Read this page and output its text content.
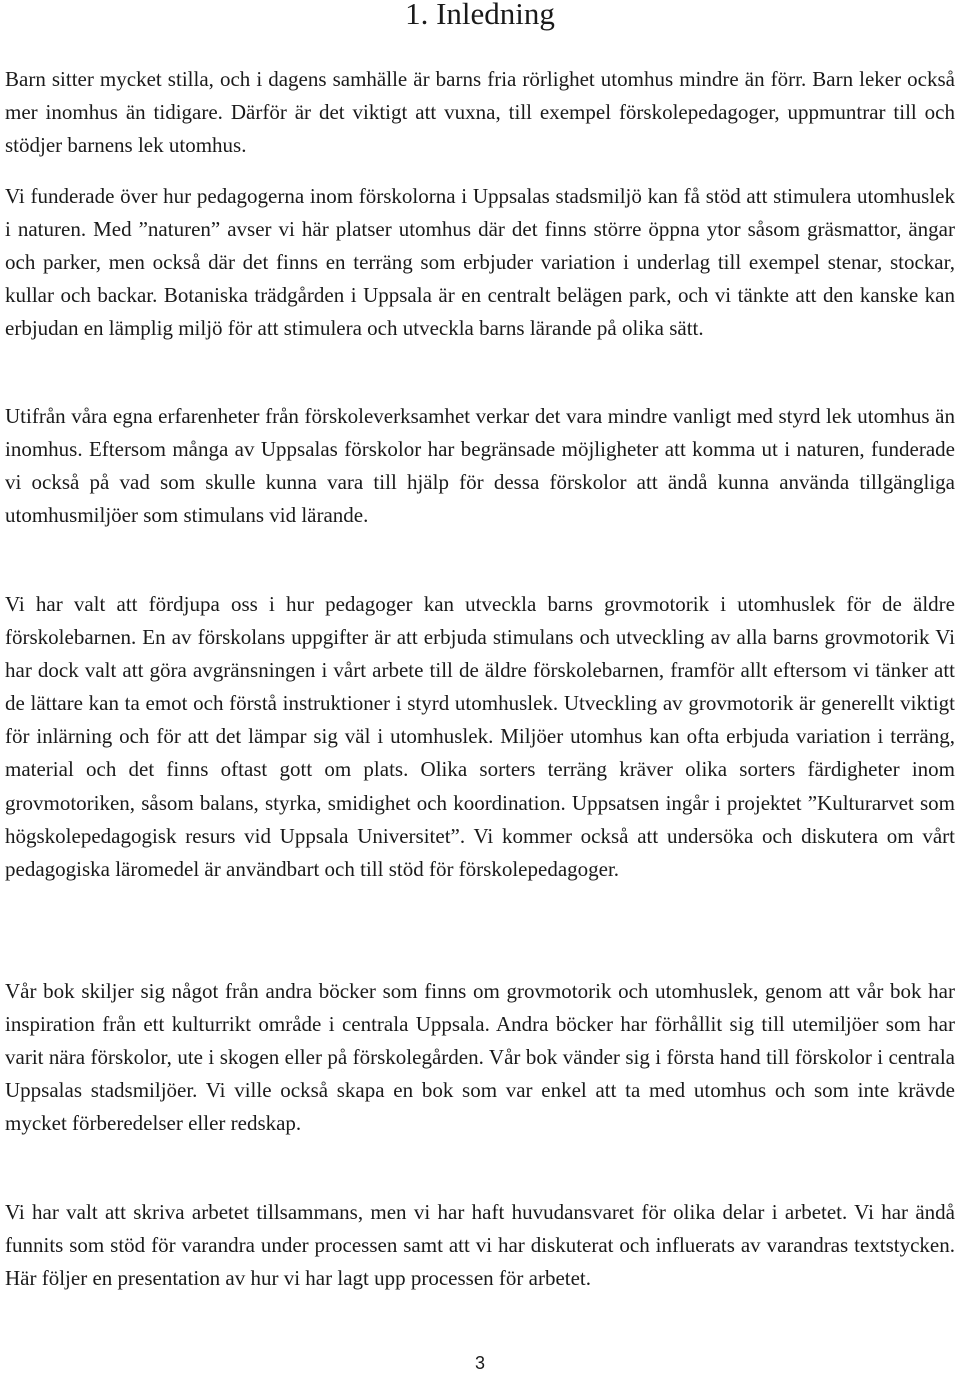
1. Inledning

Barn sitter mycket stilla, och i dagens samhälle är barns fria rörlighet utomhus mindre än förr. Barn leker också mer inomhus än tidigare. Därför är det viktigt att vuxna, till exempel förskolepedagoger, uppmuntrar till och stödjer barnens lek utomhus.

Vi funderade över hur pedagogerna inom förskolorna i Uppsalas stadsmiljö kan få stöd att stimulera utomhuslek i naturen. Med ”naturen” avser vi här platser utomhus där det finns större öppna ytor såsom gräsmattor, ängar och parker, men också där det finns en terräng som erbjuder variation i underlag till exempel stenar, stockar, kullar och backar. Botaniska trädgården i Uppsala är en centralt belägen park, och vi tänkte att den kanske kan erbjudan en lämplig miljö för att stimulera och utveckla barns lärande på olika sätt.

Utifrån våra egna erfarenheter från förskoleverksamhet verkar det vara mindre vanligt med styrd lek utomhus än inomhus. Eftersom många av Uppsalas förskolor har begränsade möjligheter att komma ut i naturen, funderade vi också på vad som skulle kunna vara till hjälp för dessa förskolor att ändå kunna använda tillgängliga utomhusmiljöer som stimulans vid lärande.

Vi har valt att fördjupa oss i hur pedagoger kan utveckla barns grovmotorik i utomhuslek för de äldre förskolebarnen. En av förskolans uppgifter är att erbjuda stimulans och utveckling av alla barns grovmotorik Vi har dock valt att göra avgränsningen i vårt arbete till de äldre förskolebarnen, framför allt eftersom vi tänker att de lättare kan ta emot och förstå instruktioner i styrd utomhuslek. Utveckling av grovmotorik är generellt viktigt för inlärning och för att det lämpar sig väl i utomhuslek. Miljöer utomhus kan ofta erbjuda variation i terräng, material och det finns oftast gott om plats. Olika sorters terräng kräver olika sorters färdigheter inom grovmotoriken, såsom balans, styrka, smidighet och koordination. Uppsatsen ingår i projektet ”Kulturarvet som högskolepedagogisk resurs vid Uppsala Universitet”. Vi kommer också att undersöka och diskutera om vårt pedagogiska läromedel är användbart och till stöd för förskolepedagoger.

Vår bok skiljer sig något från andra böcker som finns om grovmotorik och utomhuslek, genom att vår bok har inspiration från ett kulturrikt område i centrala Uppsala. Andra böcker har förhållit sig till utemiljöer som har varit nära förskolor, ute i skogen eller på förskolegården. Vår bok vänder sig i första hand till förskolor i centrala Uppsalas stadsmiljöer. Vi ville också skapa en bok som var enkel att ta med utomhus och som inte krävde mycket förberedelser eller redskap.

Vi har valt att skriva arbetet tillsammans, men vi har haft huvudansvaret för olika delar i arbetet. Vi har ändå funnits som stöd för varandra under processen samt att vi har diskuterat och influerats av varandras textstycken. Här följer en presentation av hur vi har lagt upp processen för arbetet.

3
